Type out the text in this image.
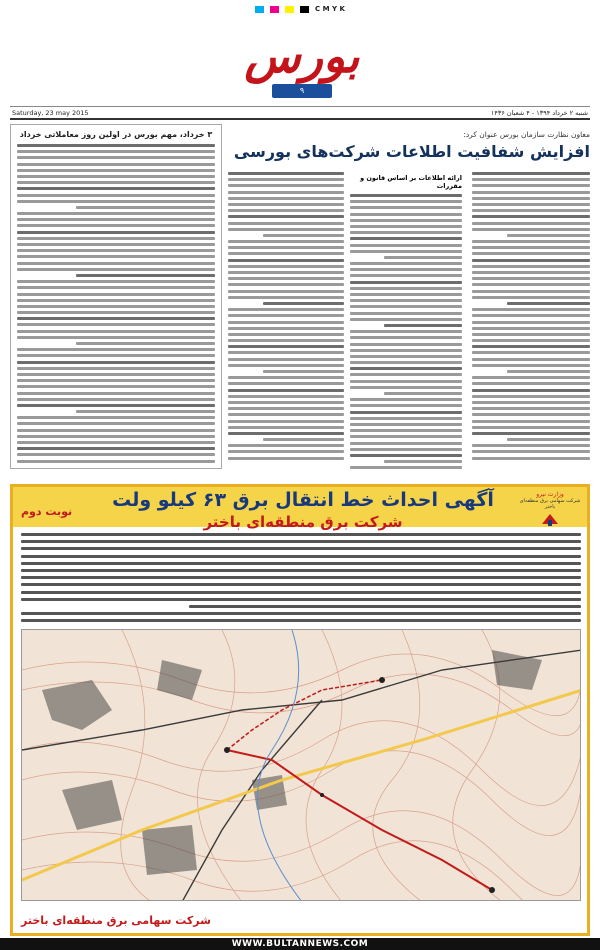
C M Y K
بورس
۹
Saturday, 23 may 2015	شنبه ۲ خرداد ۱۳۹۴ - ۴ شعبان ۱۴۳۶
۳ خرداد، مهم بورس در اولین روز معاملاتی خرداد	معاون نظارت سازمان بورس عنوان کرد:
ارائه اطلاعات بر اساس قانون و مقررات
افزایش شفافیت اطلاعات شرکت‌های بورسی
نوبت دوم
آگهی احداث خط انتقال برق ۶۳ کیلو ولت	وزارت نیرو
شرکت سهامی برق منطقه‌ای باختر
شرکت برق منطقه‌ای باختر
شرکت سهامی برق منطقه‌ای باختر
WWW.BULTANNEWS.COM
